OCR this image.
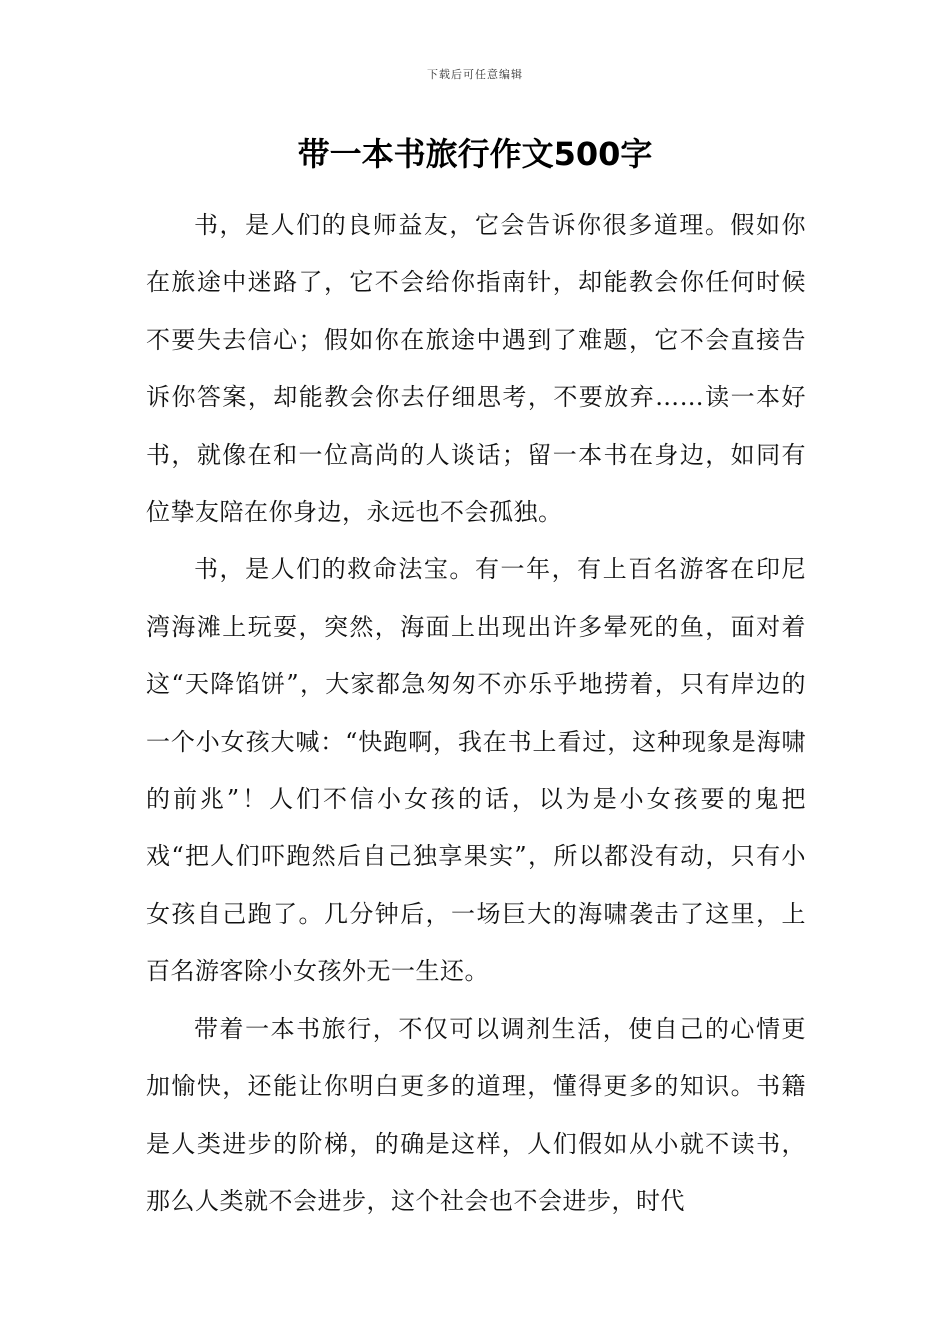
下载后可任意编辑
带一本书旅行作文500字

书，是人们的良师益友，它会告诉你很多道理。假如你在旅途中迷路了，它不会给你指南针，却能教会你任何时候不要失去信心；假如你在旅途中遇到了难题，它不会直接告诉你答案，却能教会你去仔细思考，不要放弃……读一本好书，就像在和一位高尚的人谈话；留一本书在身边，如同有位挚友陪在你身边，永远也不会孤独。

书，是人们的救命法宝。有一年，有上百名游客在印尼湾海滩上玩耍，突然，海面上出现出许多晕死的鱼，面对着这“天降馅饼”，大家都急匆匆不亦乐乎地捞着，只有岸边的一个小女孩大喊：“快跑啊，我在书上看过，这种现象是海啸的前兆”！人们不信小女孩的话，以为是小女孩要的鬼把戏“把人们吓跑然后自己独享果实”，所以都没有动，只有小女孩自己跑了。几分钟后，一场巨大的海啸袭击了这里，上百名游客除小女孩外无一生还。

带着一本书旅行，不仅可以调剂生活，使自己的心情更加愉快，还能让你明白更多的道理，懂得更多的知识。书籍是人类进步的阶梯，的确是这样，人们假如从小就不读书，那么人类就不会进步，这个社会也不会进步，时代
